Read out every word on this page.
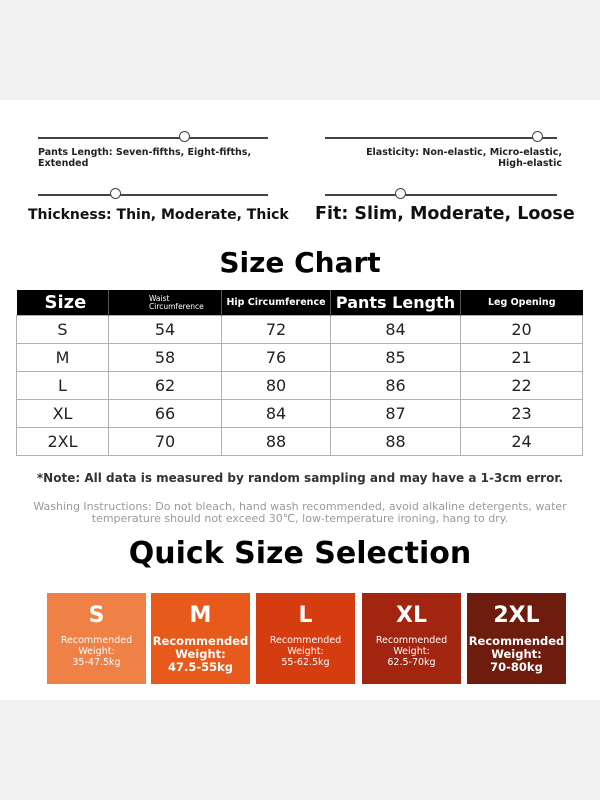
Pants Length: Seven-fifths, Eight-fifths, Extended
Elasticity: Non-elastic, Micro-elastic, High-elastic
Thickness: Thin, Moderate, Thick Fit: Slim, Moderate, Loose
Size Chart
Size	Waist Circumference	Hip Circumference	Pants Length	Leg Opening
S	54	72	84	20
M	58	76	85	21
L	62	80	86	22
XL	66	84	87	23
2XL	70	88	88	24
*Note: All data is measured by random sampling and may have a 1-3cm error.
Washing Instructions: Do not bleach, hand wash recommended, avoid alkaline detergents, water temperature should not exceed 30℃, low-temperature ironing, hang to dry.
Quick Size Selection
S
Recommended Weight:
35-47.5kg
M
Recommended Weight:
47.5-55kg
L
Recommended Weight:
55-62.5kg
XL
Recommended Weight:
62.5-70kg
2XL
Recommended Weight:
70-80kg
